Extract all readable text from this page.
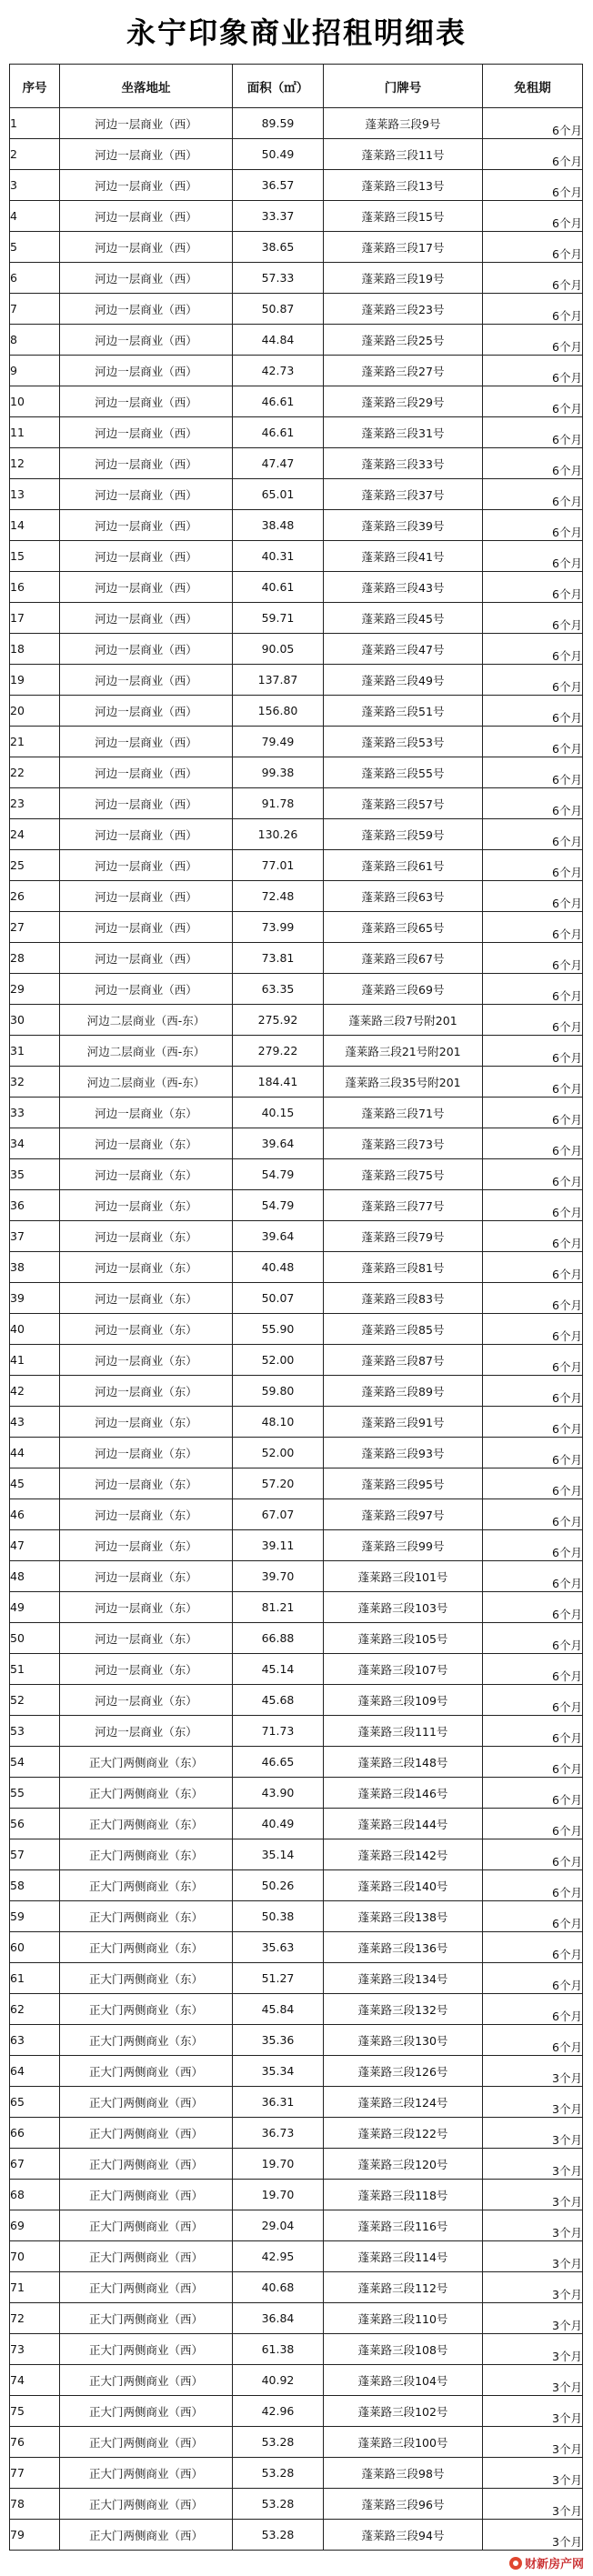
永宁印象商业招租明细表
序号	坐落地址	面积（㎡）	门牌号	免租期
1	河边一层商业（西）	89.59	蓬莱路三段9号	6个月
2	河边一层商业（西）	50.49	蓬莱路三段11号	6个月
3	河边一层商业（西）	36.57	蓬莱路三段13号	6个月
4	河边一层商业（西）	33.37	蓬莱路三段15号	6个月
5	河边一层商业（西）	38.65	蓬莱路三段17号	6个月
6	河边一层商业（西）	57.33	蓬莱路三段19号	6个月
7	河边一层商业（西）	50.87	蓬莱路三段23号	6个月
8	河边一层商业（西）	44.84	蓬莱路三段25号	6个月
9	河边一层商业（西）	42.73	蓬莱路三段27号	6个月
10	河边一层商业（西）	46.61	蓬莱路三段29号	6个月
11	河边一层商业（西）	46.61	蓬莱路三段31号	6个月
12	河边一层商业（西）	47.47	蓬莱路三段33号	6个月
13	河边一层商业（西）	65.01	蓬莱路三段37号	6个月
14	河边一层商业（西）	38.48	蓬莱路三段39号	6个月
15	河边一层商业（西）	40.31	蓬莱路三段41号	6个月
16	河边一层商业（西）	40.61	蓬莱路三段43号	6个月
17	河边一层商业（西）	59.71	蓬莱路三段45号	6个月
18	河边一层商业（西）	90.05	蓬莱路三段47号	6个月
19	河边一层商业（西）	137.87	蓬莱路三段49号	6个月
20	河边一层商业（西）	156.80	蓬莱路三段51号	6个月
21	河边一层商业（西）	79.49	蓬莱路三段53号	6个月
22	河边一层商业（西）	99.38	蓬莱路三段55号	6个月
23	河边一层商业（西）	91.78	蓬莱路三段57号	6个月
24	河边一层商业（西）	130.26	蓬莱路三段59号	6个月
25	河边一层商业（西）	77.01	蓬莱路三段61号	6个月
26	河边一层商业（西）	72.48	蓬莱路三段63号	6个月
27	河边一层商业（西）	73.99	蓬莱路三段65号	6个月
28	河边一层商业（西）	73.81	蓬莱路三段67号	6个月
29	河边一层商业（西）	63.35	蓬莱路三段69号	6个月
30	河边二层商业（西-东）	275.92	蓬莱路三段7号附201	6个月
31	河边二层商业（西-东）	279.22	蓬莱路三段21号附201	6个月
32	河边二层商业（西-东）	184.41	蓬莱路三段35号附201	6个月
33	河边一层商业（东）	40.15	蓬莱路三段71号	6个月
34	河边一层商业（东）	39.64	蓬莱路三段73号	6个月
35	河边一层商业（东）	54.79	蓬莱路三段75号	6个月
36	河边一层商业（东）	54.79	蓬莱路三段77号	6个月
37	河边一层商业（东）	39.64	蓬莱路三段79号	6个月
38	河边一层商业（东）	40.48	蓬莱路三段81号	6个月
39	河边一层商业（东）	50.07	蓬莱路三段83号	6个月
40	河边一层商业（东）	55.90	蓬莱路三段85号	6个月
41	河边一层商业（东）	52.00	蓬莱路三段87号	6个月
42	河边一层商业（东）	59.80	蓬莱路三段89号	6个月
43	河边一层商业（东）	48.10	蓬莱路三段91号	6个月
44	河边一层商业（东）	52.00	蓬莱路三段93号	6个月
45	河边一层商业（东）	57.20	蓬莱路三段95号	6个月
46	河边一层商业（东）	67.07	蓬莱路三段97号	6个月
47	河边一层商业（东）	39.11	蓬莱路三段99号	6个月
48	河边一层商业（东）	39.70	蓬莱路三段101号	6个月
49	河边一层商业（东）	81.21	蓬莱路三段103号	6个月
50	河边一层商业（东）	66.88	蓬莱路三段105号	6个月
51	河边一层商业（东）	45.14	蓬莱路三段107号	6个月
52	河边一层商业（东）	45.68	蓬莱路三段109号	6个月
53	河边一层商业（东）	71.73	蓬莱路三段111号	6个月
54	正大门两侧商业（东）	46.65	蓬莱路三段148号	6个月
55	正大门两侧商业（东）	43.90	蓬莱路三段146号	6个月
56	正大门两侧商业（东）	40.49	蓬莱路三段144号	6个月
57	正大门两侧商业（东）	35.14	蓬莱路三段142号	6个月
58	正大门两侧商业（东）	50.26	蓬莱路三段140号	6个月
59	正大门两侧商业（东）	50.38	蓬莱路三段138号	6个月
60	正大门两侧商业（东）	35.63	蓬莱路三段136号	6个月
61	正大门两侧商业（东）	51.27	蓬莱路三段134号	6个月
62	正大门两侧商业（东）	45.84	蓬莱路三段132号	6个月
63	正大门两侧商业（东）	35.36	蓬莱路三段130号	6个月
64	正大门两侧商业（西）	35.34	蓬莱路三段126号	3个月
65	正大门两侧商业（西）	36.31	蓬莱路三段124号	3个月
66	正大门两侧商业（西）	36.73	蓬莱路三段122号	3个月
67	正大门两侧商业（西）	19.70	蓬莱路三段120号	3个月
68	正大门两侧商业（西）	19.70	蓬莱路三段118号	3个月
69	正大门两侧商业（西）	29.04	蓬莱路三段116号	3个月
70	正大门两侧商业（西）	42.95	蓬莱路三段114号	3个月
71	正大门两侧商业（西）	40.68	蓬莱路三段112号	3个月
72	正大门两侧商业（西）	36.84	蓬莱路三段110号	3个月
73	正大门两侧商业（西）	61.38	蓬莱路三段108号	3个月
74	正大门两侧商业（西）	40.92	蓬莱路三段104号	3个月
75	正大门两侧商业（西）	42.96	蓬莱路三段102号	3个月
76	正大门两侧商业（西）	53.28	蓬莱路三段100号	3个月
77	正大门两侧商业（西）	53.28	蓬莱路三段98号	3个月
78	正大门两侧商业（西）	53.28	蓬莱路三段96号	3个月
79	正大门两侧商业（西）	53.28	蓬莱路三段94号	3个月
财新房产网
